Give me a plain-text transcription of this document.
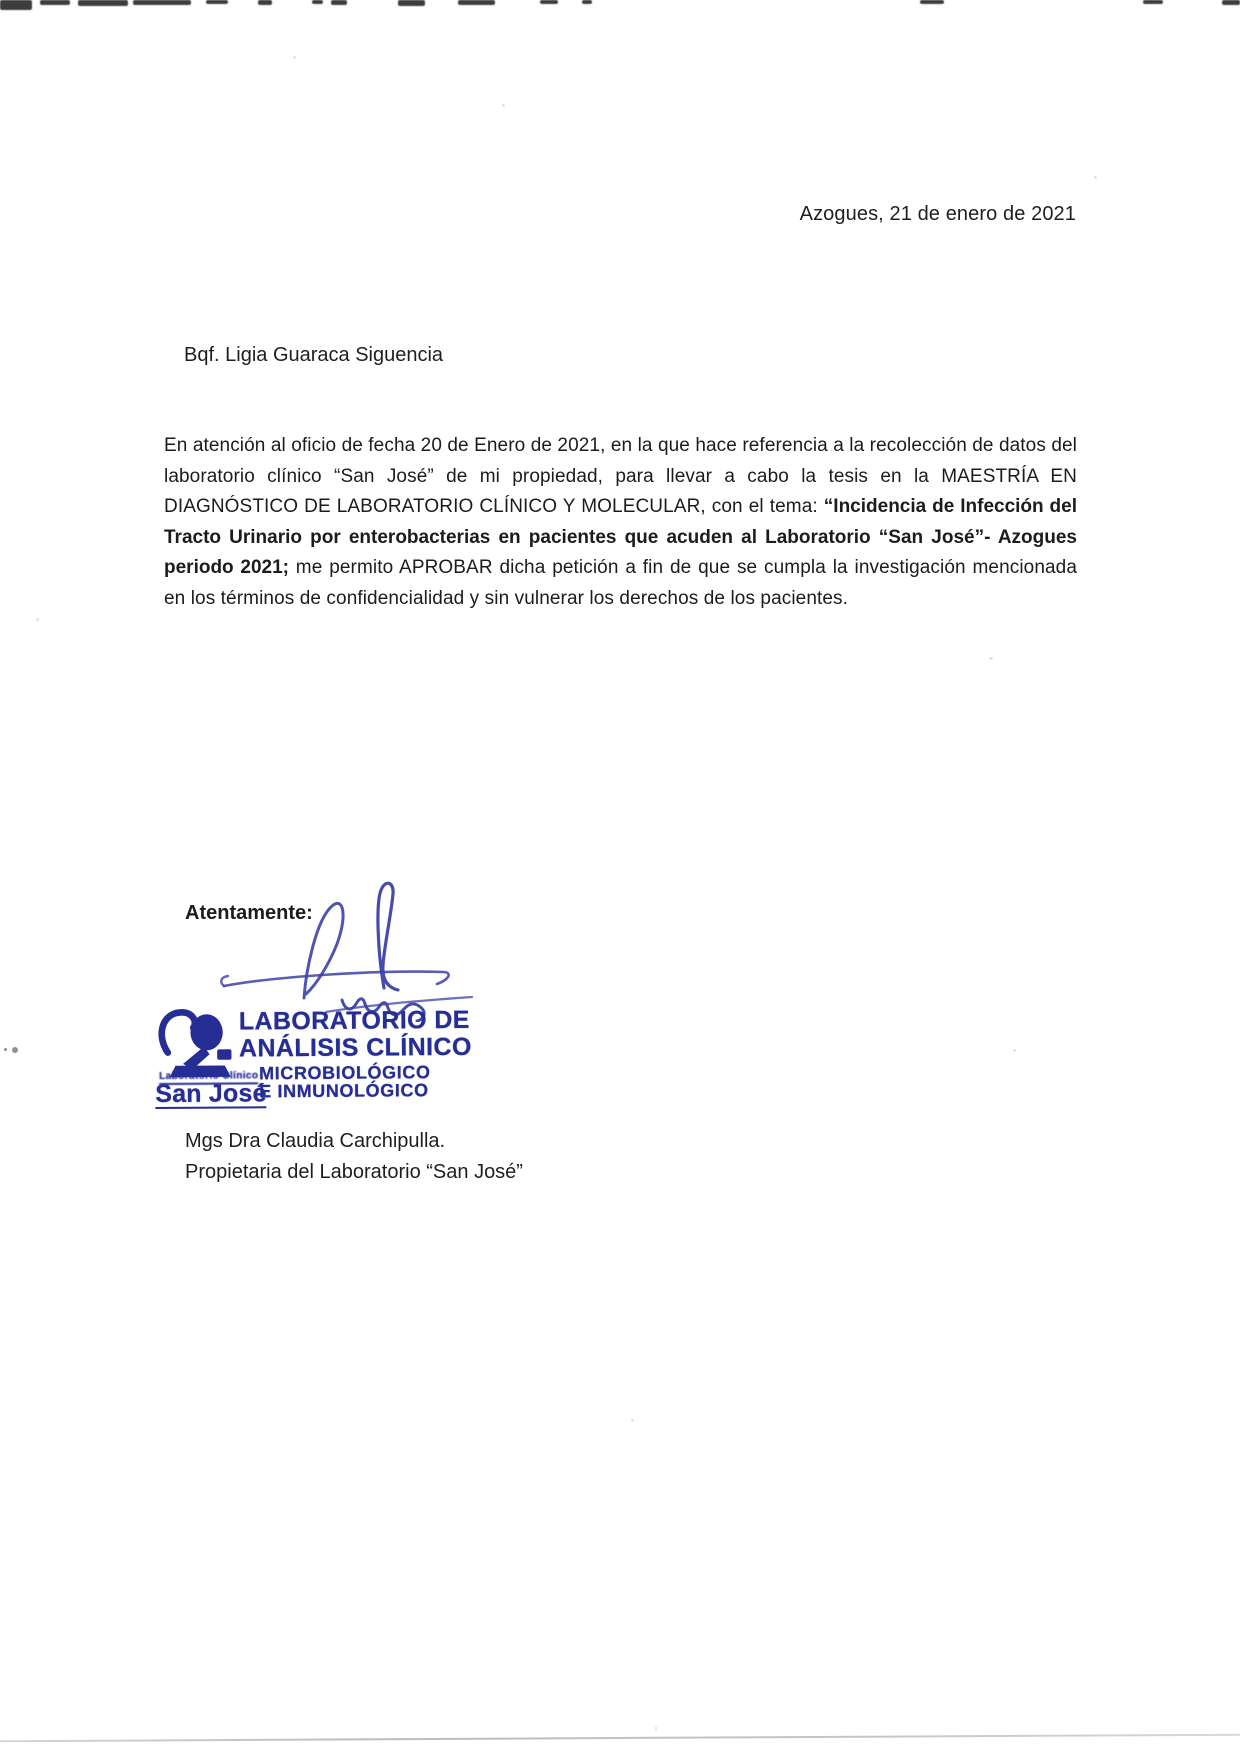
Azogues, 21 de enero de 2021
Bqf. Ligia Guaraca Siguencia

En atención al oficio de fecha 20 de Enero de 2021, en la que hace referencia a la recolección de datos del laboratorio clínico “San José” de mi propiedad, para llevar a cabo la tesis en la MAESTRÍA EN DIAGNÓSTICO DE LABORATORIO CLÍNICO Y MOLECULAR, con el tema: “Incidencia de Infección del Tracto Urinario por enterobacterias en pacientes que acuden al Laboratorio “San José”- Azogues periodo 2021; me permito APROBAR dicha petición a fin de que se cumpla la investigación mencionada en los términos de confidencialidad y sin vulnerar los derechos de los pacientes.

Atentamente:
Laboratorio Clínico
San José
LABORATORIO DE
ANÁLISIS CLÍNICO
MICROBIOLÓGICO
E INMUNOLÓGICO
Mgs Dra Claudia Carchipulla.
Propietaria del Laboratorio “San José”
